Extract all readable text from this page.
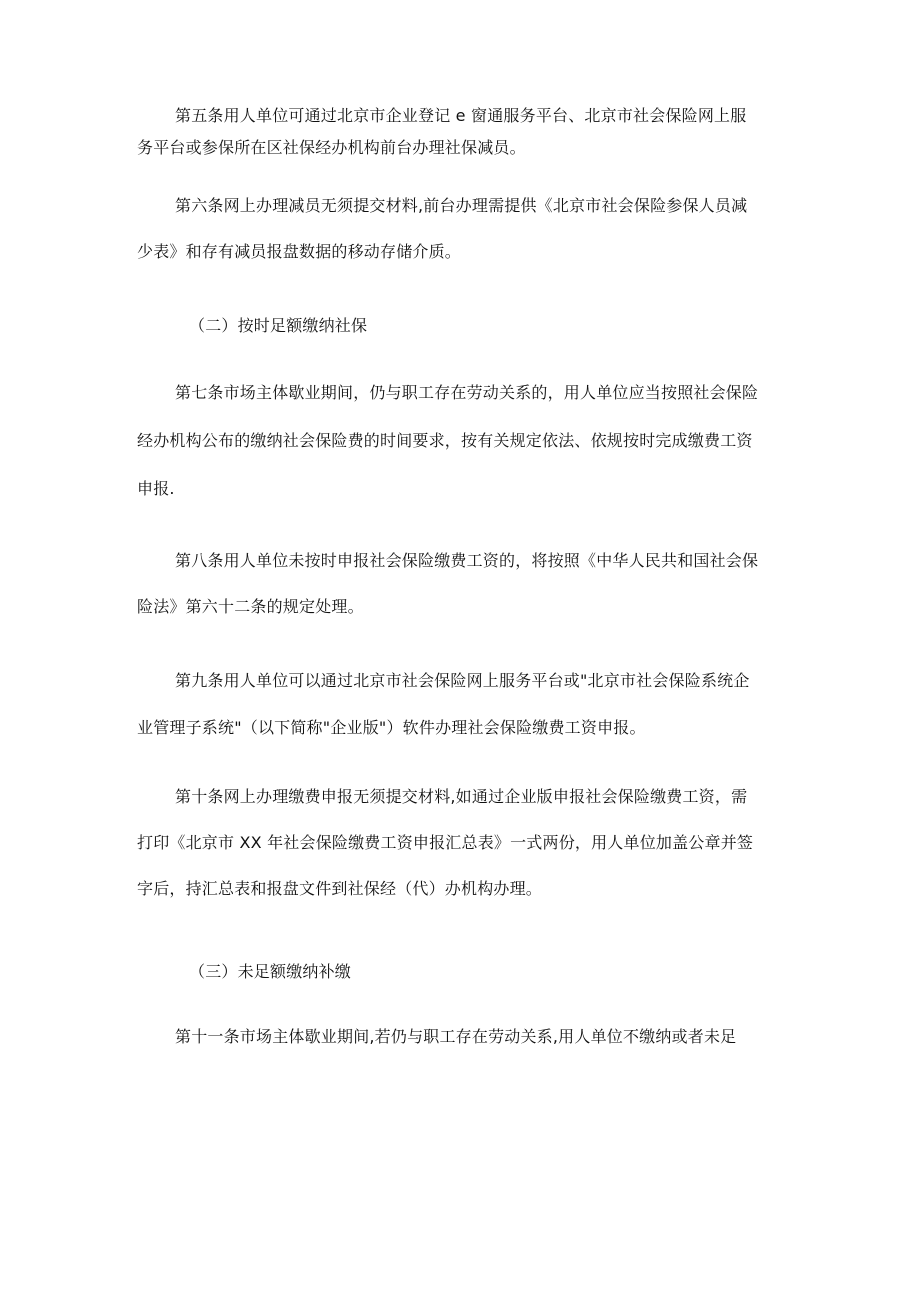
第五条用人单位可通过北京市企业登记 e 窗通服务平台、北京市社会保险网上服
务平台或参保所在区社保经办机构前台办理社保减员。
第六条网上办理减员无须提交材料,前台办理需提供《北京市社会保险参保人员减
少表》和存有减员报盘数据的移动存储介质。
（二）按时足额缴纳社保
第七条市场主体歇业期间，仍与职工存在劳动关系的，用人单位应当按照社会保险
经办机构公布的缴纳社会保险费的时间要求，按有关规定依法、依规按时完成缴费工资
申报.
第八条用人单位未按时申报社会保险缴费工资的，将按照《中华人民共和国社会保
险法》第六十二条的规定处理。
第九条用人单位可以通过北京市社会保险网上服务平台或"北京市社会保险系统企
业管理子系统"（以下简称"企业版"）软件办理社会保险缴费工资申报。
第十条网上办理缴费申报无须提交材料,如通过企业版申报社会保险缴费工资，需
打印《北京市 XX 年社会保险缴费工资申报汇总表》一式两份，用人单位加盖公章并签
字后，持汇总表和报盘文件到社保经（代）办机构办理。
（三）未足额缴纳补缴
第十一条市场主体歇业期间,若仍与职工存在劳动关系,用人单位不缴纳或者未足
